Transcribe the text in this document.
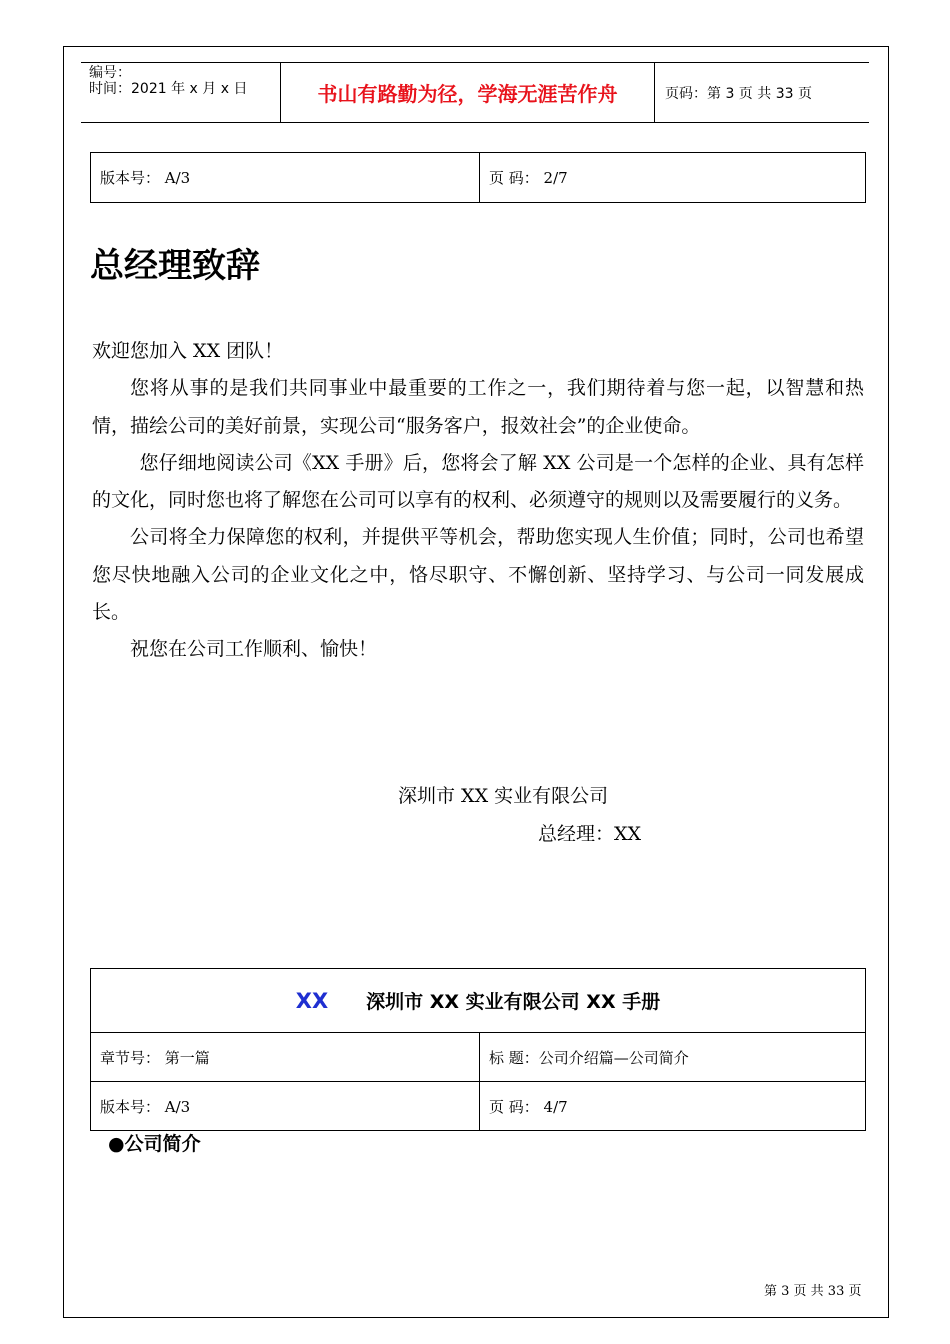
编号：
时间：2021 年 x 月 x 日	书山有路勤为径，学海无涯苦作舟	页码：第 3 页 共 33 页
版本号： A/3	页 码： 2/7
总经理致辞

欢迎您加入 XX 团队！

您将从事的是我们共同事业中最重要的工作之一，我们期待着与您一起，以智慧和热情，描绘公司的美好前景，实现公司“服务客户，报效社会”的企业使命。

您仔细地阅读公司《XX 手册》后，您将会了解 XX 公司是一个怎样的企业、具有怎样的文化，同时您也将了解您在公司可以享有的权利、必须遵守的规则以及需要履行的义务。

公司将全力保障您的权利，并提供平等机会，帮助您实现人生价值；同时，公司也希望您尽快地融入公司的企业文化之中，恪尽职守、不懈创新、坚持学习、与公司一同发展成长。

祝您在公司工作顺利、愉快！

深圳市 XX 实业有限公司
总经理：XX
XX 深圳市 XX 实业有限公司 XX 手册
章节号： 第一篇	标 题：公司介绍篇—公司简介
版本号： A/3	页 码： 4/7
●公司简介
第 3 页 共 33 页
